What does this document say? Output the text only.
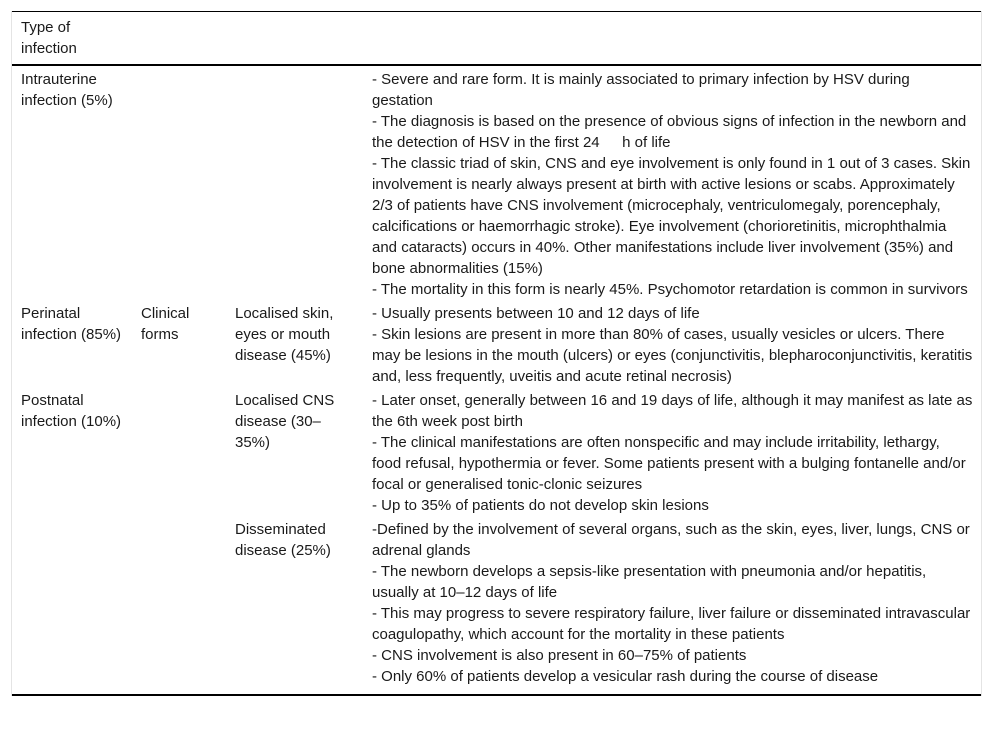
Type of infection			
Intrauterine infection (5%)			- Severe and rare form. It is mainly associated to primary infection by HSV during gestation
- The diagnosis is based on the presence of obvious signs of infection in the newborn and the detection of HSV in the first 24  h of life
- The classic triad of skin, CNS and eye involvement is only found in 1 out of 3 cases. Skin involvement is nearly always present at birth with active lesions or scabs. Approximately 2/3 of patients have CNS involvement (microcephaly, ventriculomegaly, porencephaly, calcifications or haemorrhagic stroke). Eye involvement (chorioretinitis, microphthalmia and cataracts) occurs in 40%. Other manifestations include liver involvement (35%) and bone abnormalities (15%)
- The mortality in this form is nearly 45%. Psychomotor retardation is common in survivors

Perinatal infection (85%)	Clinical forms	Localised skin, eyes or mouth disease (45%)	- Usually presents between 10 and 12 days of life
- Skin lesions are present in more than 80% of cases, usually vesicles or ulcers. There may be lesions in the mouth (ulcers) or eyes (conjunctivitis, blepharoconjunctivitis, keratitis and, less frequently, uveitis and acute retinal necrosis)

Postnatal infection (10%)		Localised CNS disease (30–35%)	- Later onset, generally between 16 and 19 days of life, although it may manifest as late as the 6th week post birth
- The clinical manifestations are often nonspecific and may include irritability, lethargy, food refusal, hypothermia or fever. Some patients present with a bulging fontanelle and/or focal or generalised tonic-clonic seizures
- Up to 35% of patients do not develop skin lesions

		Disseminated disease (25%)	-Defined by the involvement of several organs, such as the skin, eyes, liver, lungs, CNS or adrenal glands
- The newborn develops a sepsis-like presentation with pneumonia and/or hepatitis, usually at 10–12 days of life
- This may progress to severe respiratory failure, liver failure or disseminated intravascular coagulopathy, which account for the mortality in these patients
- CNS involvement is also present in 60–75% of patients
- Only 60% of patients develop a vesicular rash during the course of disease
